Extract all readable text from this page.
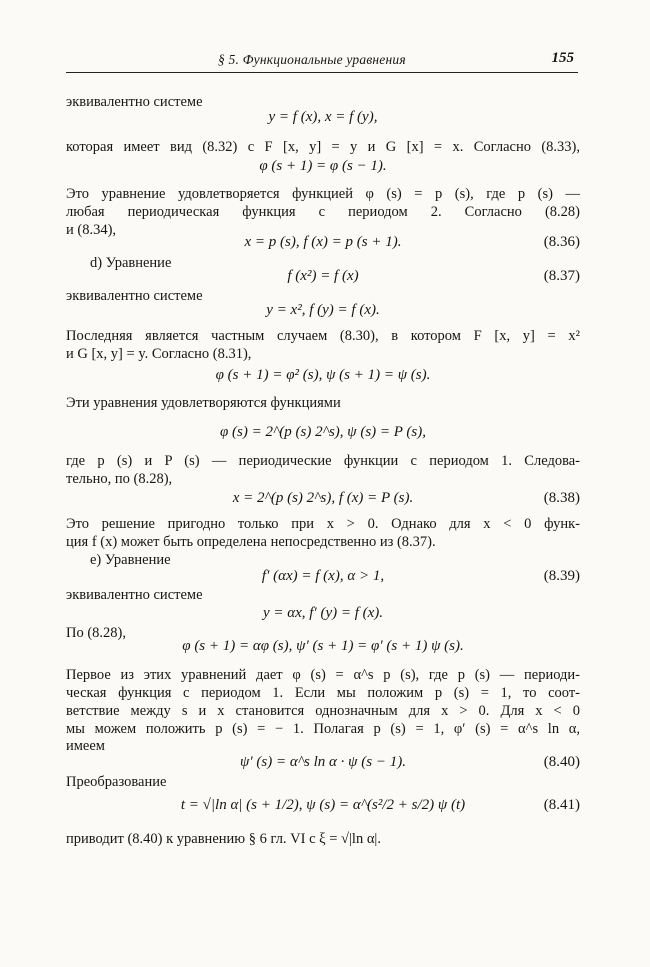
§ 5. Функциональные уравнения	155
эквивалентно системе
y = f (x), x = f (y),
которая имеет вид (8.32) с F [x, y] = y и G [x] = x. Согласно (8.33),
φ (s + 1) = φ (s − 1).
Это уравнение удовлетворяется функцией φ (s) = p (s), где p (s) —
любая периодическая функция с периодом 2. Согласно (8.28)
и (8.34),
x = p (s), f (x) = p (s + 1).	(8.36)
d) Уравнение
f (x²) = f (x)	(8.37)
эквивалентно системе
y = x², f (y) = f (x).
Последняя является частным случаем (8.30), в котором F [x, y] = x²
и G [x, y] = y. Согласно (8.31),
φ (s + 1) = φ² (s), ψ (s + 1) = ψ (s).
Эти уравнения удовлетворяются функциями
φ (s) = 2^(p (s) 2^s), ψ (s) = P (s),
где p (s) и P (s) — периодические функции с периодом 1. Следова-
тельно, по (8.28),
x = 2^(p (s) 2^s), f (x) = P (s).	(8.38)
Это решение пригодно только при x > 0. Однако для x < 0 функ-
ция f (x) может быть определена непосредственно из (8.37).
e) Уравнение
f′ (αx) = f (x), α > 1,	(8.39)
эквивалентно системе
y = αx, f′ (y) = f (x).
По (8.28),
φ (s + 1) = αφ (s), ψ′ (s + 1) = φ′ (s + 1) ψ (s).
Первое из этих уравнений дает φ (s) = α^s p (s), где p (s) — периоди-
ческая функция с периодом 1. Если мы положим p (s) = 1, то соот-
ветствие между s и x становится однозначным для x > 0. Для x < 0
мы можем положить p (s) = − 1. Полагая p (s) = 1, φ′ (s) = α^s ln α,
имеем
ψ′ (s) = α^s ln α · ψ (s − 1).	(8.40)
Преобразование
t = √|ln α| (s + 1/2), ψ (s) = α^(s²/2 + s/2) ψ (t)	(8.41)
приводит (8.40) к уравнению § 6 гл. VI с ξ = √|ln α|.
